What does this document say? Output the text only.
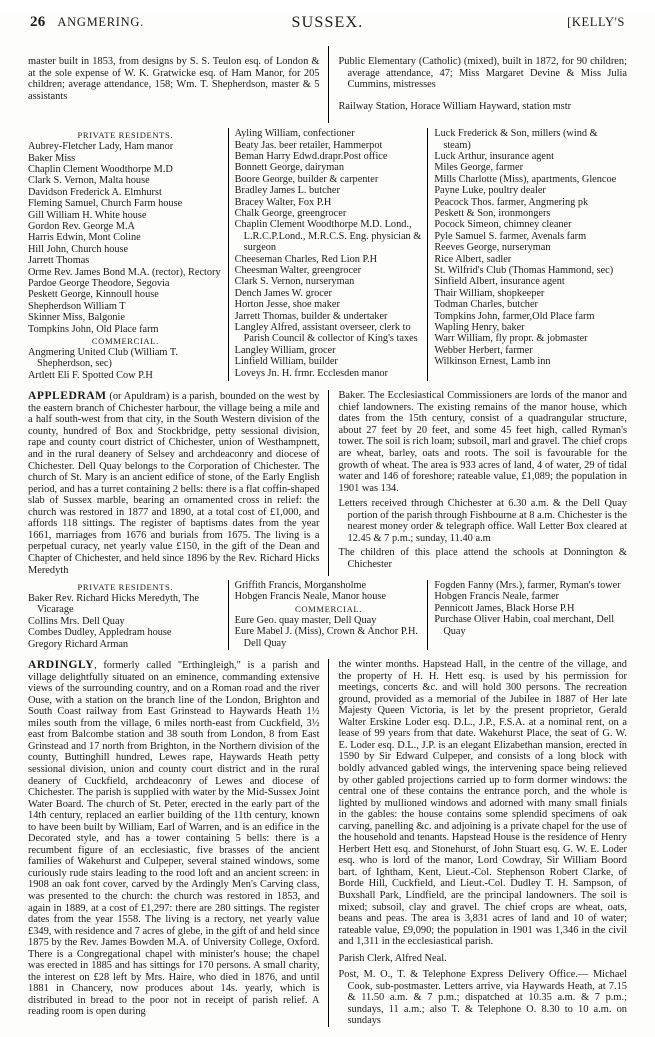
26 ANGMERING.	SUSSEX.	[KELLY'S

master built in 1853, from designs by S. S. Teulon esq. of London & at the sole expense of W. K. Gratwicke esq. of Ham Manor, for 205 children; average attendance, 158; Wm. T. Shepherdson, master & 5 assistants

Public Elementary (Catholic) (mixed), built in 1872, for 90 children; average attendance, 47; Miss Margaret Devine & Miss Julia Cummins, mistresses

Railway Station, Horace William Hayward, station mstr

PRIVATE RESIDENTS.
Aubrey-Fletcher Lady, Ham manor
Baker Miss
Chaplin Clement Woodthorpe M.D
Clark S. Vernon, Malta house
Davidson Frederick A. Elmhurst
Fleming Samuel, Church Farm house
Gill William H. White house
Gordon Rev. George M.A
Harris Edwin, Mont Coline
Hill John, Church house
Jarrett Thomas
Orme Rev. James Bond M.A. (rector), Rectory
Pardoe George Theodore, Segovia
Peskett George, Kinnoull house
Shepherdson William T
Skinner Miss, Balgonie
Tompkins John, Old Place farm
COMMERCIAL.
Angmering United Club (William T. Shepherdson, sec)
Artlett Eli F. Spotted Cow P.H
Ayling William, confectioner
Beaty Jas. beer retailer, Hammerpot
Beman Harry Edwd.drapr.Post office
Bonnett George, dairyman
Boore George, builder & carpenter
Bradley James L. butcher
Bracey Walter, Fox P.H
Chalk George, greengrocer
Chaplin Clement Woodthorpe M.D. Lond., L.R.C.P.Lond., M.R.C.S. Eng. physician & surgeon
Cheeseman Charles, Red Lion P.H
Cheesman Walter, greengrocer
Clark S. Vernon, nurseryman
Dench James W. grocer
Horton Jesse, shoe maker
Jarrett Thomas, builder & undertaker
Langley Alfred, assistant overseer, clerk to Parish Council & collector of King's taxes
Langley William, grocer
Linfield William, builder
Loveys Jn. H. frmr. Ecclesden manor
Luck Frederick & Son, millers (wind & steam)
Luck Arthur, insurance agent
Miles George, farmer
Mills Charlotte (Miss), apartments, Glencoe
Payne Luke, poultry dealer
Peacock Thos. farmer, Angmering pk
Peskett & Son, ironmongers
Pocock Simeon, chimney cleaner
Pyle Samuel S. farmer, Avenals farm
Reeves George, nurseryman
Rice Albert, sadler
St. Wilfrid's Club (Thomas Hammond, sec)
Sinfield Albert, insurance agent
Thair William, shopkeeper
Todman Charles, butcher
Tompkins John, farmer,Old Place farm
Wapling Henry, baker
Warr William, fly propr. & jobmaster
Webber Herbert, farmer
Wilkinson Ernest, Lamb inn

APPLEDRAM (or Apuldram) is a parish, bounded on the west by the eastern branch of Chichester harbour, the village being a mile and a half south-west from that city, in the South Western division of the county, hundred of Box and Stockbridge, petty sessional division, rape and county court district of Chichester, union of Westhampnett, and in the rural deanery of Selsey and archdeaconry and diocese of Chichester. Dell Quay belongs to the Corporation of Chichester. The church of St. Mary is an ancient edifice of stone, of the Early English period, and has a turret containing 2 bells: there is a flat coffin-shaped slab of Sussex marble, bearing an ornamented cross in relief: the church was restored in 1877 and 1890, at a total cost of £1,000, and affords 118 sittings. The register of baptisms dates from the year 1661, marriages from 1676 and burials from 1675. The living is a perpetual curacy, net yearly value £150, in the gift of the Dean and Chapter of Chichester, and held since 1896 by the Rev. Richard Hicks Meredyth

Baker. The Ecclesiastical Commissioners are lords of the manor and chief landowners. The existing remains of the manor house, which dates from the 15th century, consist of a quadrangular structure, about 27 feet by 20 feet, and some 45 feet high, called Ryman's tower. The soil is rich loam; subsoil, marl and gravel. The chief crops are wheat, barley, oats and roots. The soil is favourable for the growth of wheat. The area is 933 acres of land, 4 of water, 29 of tidal water and 146 of foreshore; rateable value, £1,089; the population in 1901 was 134.

Letters received through Chichester at 6.30 a.m. & the Dell Quay portion of the parish through Fishbourne at 8 a.m. Chichester is the nearest money order & telegraph office. Wall Letter Box cleared at 12.45 & 7 p.m.; sunday, 11.40 a.m

The children of this place attend the schools at Donnington & Chichester

PRIVATE RESIDENTS.
Baker Rev. Richard Hicks Meredyth, The Vicarage
Collins Mrs. Dell Quay
Combes Dudley, Appledram house
Gregory Richard Arman
Griffith Francis, Morgansholme
Hobgen Francis Neale, Manor house
COMMERCIAL.
Eure Geo. quay master, Dell Quay
Eure Mabel J. (Miss), Crown & Anchor P.H. Dell Quay
Fogden Fanny (Mrs.), farmer, Ryman's tower
Hobgen Francis Neale, farmer
Pennicott James, Black Horse P.H
Purchase Oliver Habin, coal merchant, Dell Quay

ARDINGLY, formerly called "Erthingleigh," is a parish and village delightfully situated on an eminence, commanding extensive views of the surrounding country, and on a Roman road and the river Ouse, with a station on the branch line of the London, Brighton and South Coast railway from East Grinstead to Haywards Heath 1½ miles south from the village, 6 miles north-east from Cuckfield, 3½ east from Balcombe station and 38 south from London, 8 from East Grinstead and 17 north from Brighton, in the Northern division of the county, Buttinghill hundred, Lewes rape, Haywards Heath petty sessional division, union and county court district and in the rural deanery of Cuckfield, archdeaconry of Lewes and diocese of Chichester. The parish is supplied with water by the Mid-Sussex Joint Water Board. The church of St. Peter, erected in the early part of the 14th century, replaced an earlier building of the 11th century, known to have been built by William, Earl of Warren, and is an edifice in the Decorated style, and has a tower containing 5 bells: there is a recumbent figure of an ecclesiastic, five brasses of the ancient families of Wakehurst and Culpeper, several stained windows, some curiously rude stairs leading to the rood loft and an ancient screen: in 1908 an oak font cover, carved by the Ardingly Men's Carving class, was presented to the church: the church was restored in 1853, and again in 1889, at a cost of £1,297: there are 280 sittings. The register dates from the year 1558. The living is a rectory, net yearly value £349, with residence and 7 acres of glebe, in the gift of and held since 1875 by the Rev. James Bowden M.A. of University College, Oxford. There is a Congregational chapel with minister's house; the chapel was erected in 1885 and has sittings for 170 persons. A small charity, the interest on £28 left by Mrs. Haire, who died in 1876, and until 1881 in Chancery, now produces about 14s. yearly, which is distributed in bread to the poor not in receipt of parish relief. A reading room is open during

the winter months. Hapstead Hall, in the centre of the village, and the property of H. H. Hett esq. is used by his permission for meetings, concerts &c. and will hold 300 persons. The recreation ground, provided as a memorial of the Jubilee in 1887 of Her late Majesty Queen Victoria, is let by the present proprietor, Gerald Walter Erskine Loder esq. D.L., J.P., F.S.A. at a nominal rent, on a lease of 99 years from that date. Wakehurst Place, the seat of G. W. E. Loder esq. D.L., J.P. is an elegant Elizabethan mansion, erected in 1590 by Sir Edward Culpeper, and consists of a long block with boldly advanced gabled wings, the intervening space being relieved by other gabled projections carried up to form dormer windows: the central one of these contains the entrance porch, and the whole is lighted by mullioned windows and adorned with many small finials in the gables: the house contains some splendid specimens of oak carving, panelling &c. and adjoining is a private chapel for the use of the household and tenants. Hapstead House is the residence of Henry Herbert Hett esq. and Stonehurst, of John Stuart esq. G. W. E. Loder esq. who is lord of the manor, Lord Cowdray, Sir William Boord bart. of Ightham, Kent, Lieut.-Col. Stephenson Robert Clarke, of Borde Hill, Cuckfield, and Lieut.-Col. Dudley T. H. Sampson, of Buxshall Park, Lindfield, are the principal landowners. The soil is mixed; subsoil, clay and gravel. The chief crops are wheat, oats, beans and peas. The area is 3,831 acres of land and 10 of water; rateable value, £9,090; the population in 1901 was 1,346 in the civil and 1,311 in the ecclesiastical parish.

Parish Clerk, Alfred Neal.

Post, M. O., T. & Telephone Express Delivery Office.— Michael Cook, sub-postmaster. Letters arrive, via Haywards Heath, at 7.15 & 11.50 a.m. & 7 p.m.; dispatched at 10.35 a.m. & 7 p.m.; sundays, 11 a.m.; also T. & Telephone O. 8.30 to 10 a.m. on sundays
